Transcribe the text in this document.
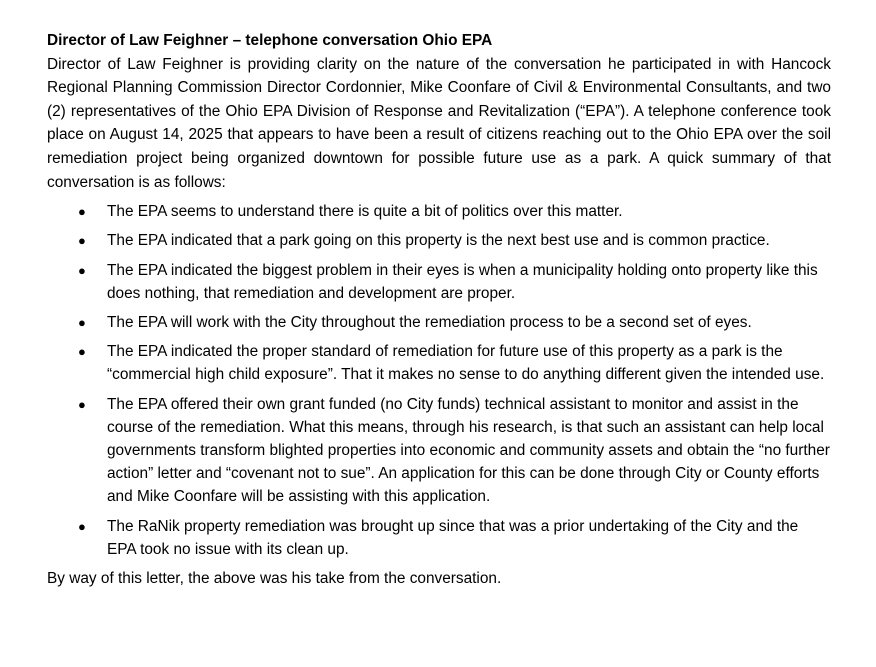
Director of Law Feighner – telephone conversation Ohio EPA

Director of Law Feighner is providing clarity on the nature of the conversation he participated in with Hancock Regional Planning Commission Director Cordonnier, Mike Coonfare of Civil & Environmental Consultants, and two (2) representatives of the Ohio EPA Division of Response and Revitalization (“EPA”). A telephone conference took place on August 14, 2025 that appears to have been a result of citizens reaching out to the Ohio EPA over the soil remediation project being organized downtown for possible future use as a park. A quick summary of that conversation is as follows:

● The EPA seems to understand there is quite a bit of politics over this matter.
● The EPA indicated that a park going on this property is the next best use and is common practice.
● The EPA indicated the biggest problem in their eyes is when a municipality holding onto property like this does nothing, that remediation and development are proper.
● The EPA will work with the City throughout the remediation process to be a second set of eyes.
● The EPA indicated the proper standard of remediation for future use of this property as a park is the “commercial high child exposure”. That it makes no sense to do anything different given the intended use.
● The EPA offered their own grant funded (no City funds) technical assistant to monitor and assist in the course of the remediation. What this means, through his research, is that such an assistant can help local governments transform blighted properties into economic and community assets and obtain the “no further action” letter and “covenant not to sue”. An application for this can be done through City or County efforts and Mike Coonfare will be assisting with this application.
● The RaNik property remediation was brought up since that was a prior undertaking of the City and the EPA took no issue with its clean up.

By way of this letter, the above was his take from the conversation.
